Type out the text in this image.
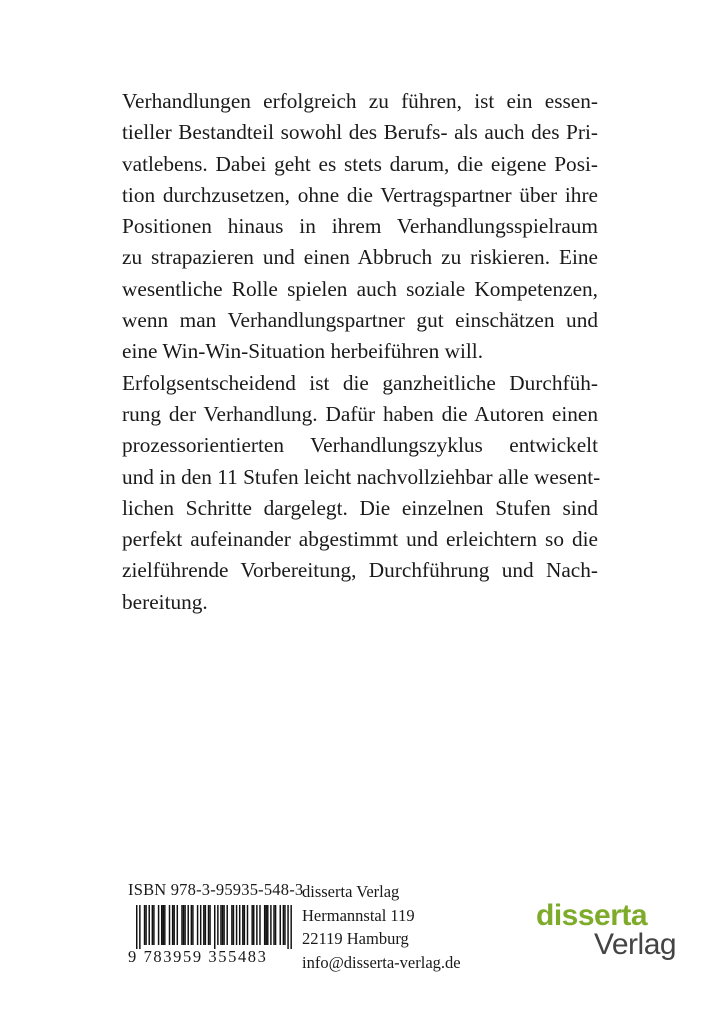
Verhandlungen erfolgreich zu führen, ist ein essen-
tieller Bestandteil sowohl des Berufs- als auch des Pri-
vatlebens. Dabei geht es stets darum, die eigene Posi-
tion durchzusetzen, ohne die Vertragspartner über ihre
Positionen hinaus in ihrem Verhandlungsspielraum
zu strapazieren und einen Abbruch zu riskieren. Eine
wesentliche Rolle spielen auch soziale Kompetenzen,
wenn man Verhandlungspartner gut einschätzen und
eine Win-Win-Situation herbeiführen will.
Erfolgsentscheidend ist die ganzheitliche Durchfüh-
rung der Verhandlung. Dafür haben die Autoren einen
prozessorientierten Verhandlungszyklus entwickelt
und in den 11 Stufen leicht nachvollziehbar alle wesent-
lichen Schritte dargelegt. Die einzelnen Stufen sind
perfekt aufeinander abgestimmt und erleichtern so die
zielführende Vorbereitung, Durchführung und Nach-
bereitung.
ISBN 978-3-95935-548-3
9 783959 355483
disserta Verlag
Hermannstal 119
22119 Hamburg
info@disserta-verlag.de
disserta
Verlag
